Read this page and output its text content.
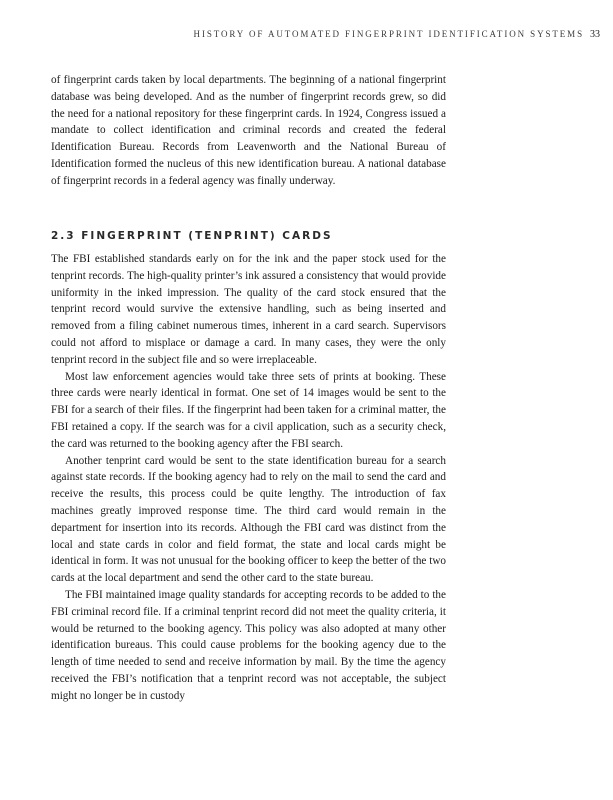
HISTORY OF AUTOMATED FINGERPRINT IDENTIFICATION SYSTEMS 33

of fingerprint cards taken by local departments. The beginning of a national fingerprint database was being developed. And as the number of fingerprint records grew, so did the need for a national repository for these fingerprint cards. In 1924, Congress issued a mandate to collect identification and criminal records and created the federal Identification Bureau. Records from Leavenworth and the National Bureau of Identification formed the nucleus of this new identification bureau. A national database of fingerprint records in a federal agency was finally underway.

2.3 FINGERPRINT (TENPRINT) CARDS

The FBI established standards early on for the ink and the paper stock used for the tenprint records. The high-quality printer’s ink assured a consistency that would provide uniformity in the inked impression. The quality of the card stock ensured that the tenprint record would survive the extensive handling, such as being inserted and removed from a filing cabinet numerous times, inherent in a card search. Supervisors could not afford to misplace or damage a card. In many cases, they were the only tenprint record in the subject file and so were irreplaceable.

Most law enforcement agencies would take three sets of prints at booking. These three cards were nearly identical in format. One set of 14 images would be sent to the FBI for a search of their files. If the fingerprint had been taken for a criminal matter, the FBI retained a copy. If the search was for a civil application, such as a security check, the card was returned to the booking agency after the FBI search.

Another tenprint card would be sent to the state identification bureau for a search against state records. If the booking agency had to rely on the mail to send the card and receive the results, this process could be quite lengthy. The introduction of fax machines greatly improved response time. The third card would remain in the department for insertion into its records. Although the FBI card was distinct from the local and state cards in color and field format, the state and local cards might be identical in form. It was not unusual for the booking officer to keep the better of the two cards at the local department and send the other card to the state bureau.

The FBI maintained image quality standards for accepting records to be added to the FBI criminal record file. If a criminal tenprint record did not meet the quality criteria, it would be returned to the booking agency. This policy was also adopted at many other identification bureaus. This could cause problems for the booking agency due to the length of time needed to send and receive information by mail. By the time the agency received the FBI’s notification that a tenprint record was not acceptable, the subject might no longer be in custody
